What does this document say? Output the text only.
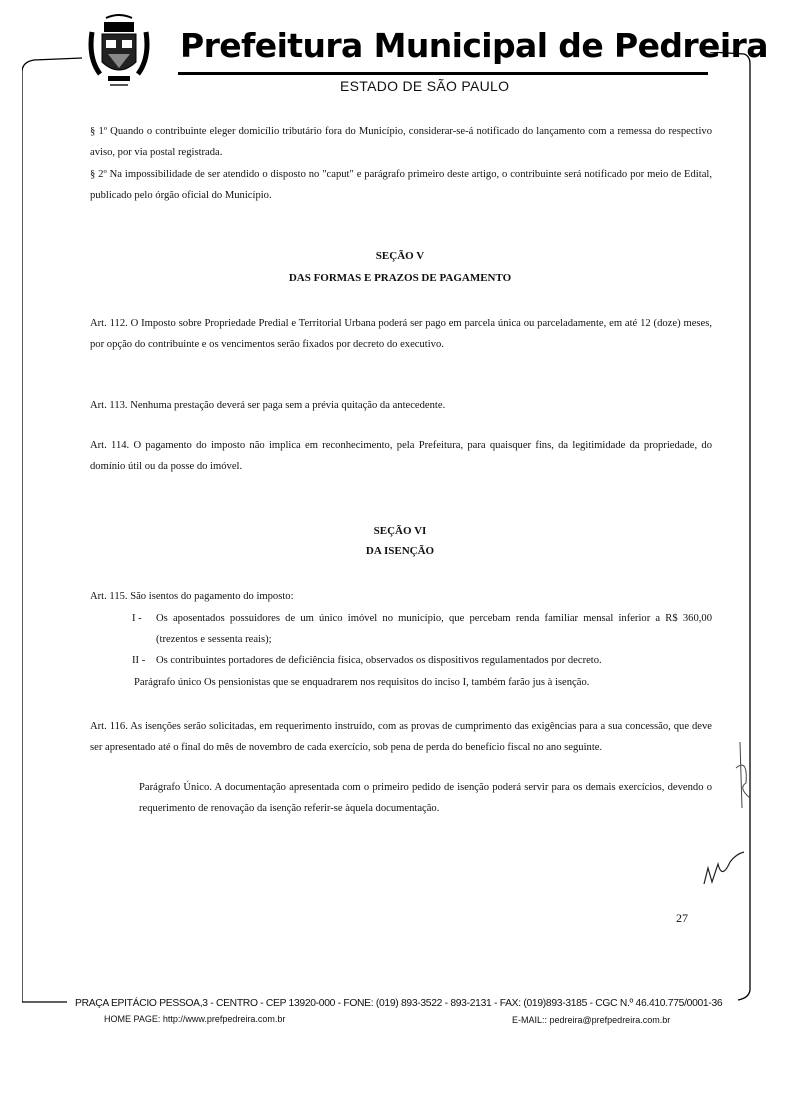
Prefeitura Municipal de Pedreira
ESTADO DE SÃO PAULO
§ 1º Quando o contribuinte eleger domicílio tributário fora do Município, considerar-se-á notificado do lançamento com a remessa do respectivo aviso, por via postal registrada.
§ 2º Na impossibilidade de ser atendido o disposto no "caput" e parágrafo primeiro deste artigo, o contribuinte será notificado por meio de Edital, publicado pelo órgão oficial do Município.
SEÇÃO V
DAS FORMAS E PRAZOS DE PAGAMENTO
Art. 112. O Imposto sobre Propriedade Predial e Territorial Urbana poderá ser pago em parcela única ou parceladamente, em até 12 (doze) meses, por opção do contribuinte e os vencimentos serão fixados por decreto do executivo.
Art. 113. Nenhuma prestação deverá ser paga sem a prévia quitação da antecedente.
Art. 114. O pagamento do imposto não implica em reconhecimento, pela Prefeitura, para quaisquer fins, da legitimidade da propriedade, do domínio útil ou da posse do imóvel.
SEÇÃO VI
DA ISENÇÃO
Art. 115. São isentos do pagamento do imposto:
I -	Os aposentados possuidores de um único imóvel no município, que percebam renda familiar mensal inferior a R$ 360,00 (trezentos e sessenta reais);
II -	Os contribuintes portadores de deficiência física, observados os dispositivos regulamentados por decreto.
Parágrafo único Os pensionistas que se enquadrarem nos requisitos do inciso I, também farão jus à isenção.
Art. 116. As isenções serão solicitadas, em requerimento instruído, com as provas de cumprimento das exigências para a sua concessão, que deve ser apresentado até o final do mês de novembro de cada exercício, sob pena de perda do benefício fiscal no ano seguinte.
Parágrafo Único. A documentação apresentada com o primeiro pedido de isenção poderá servir para os demais exercícios, devendo o requerimento de renovação da isenção referir-se àquela documentação.
27
PRAÇA EPITÁCIO PESSOA,3 - CENTRO - CEP 13920-000 - FONE: (019) 893-3522 - 893-2131 - FAX: (019)893-3185 - CGC N.º 46.410.775/0001-36
HOME PAGE: http://www.prefpedreira.com.br	E-MAIL:: pedreira@prefpedreira.com.br
